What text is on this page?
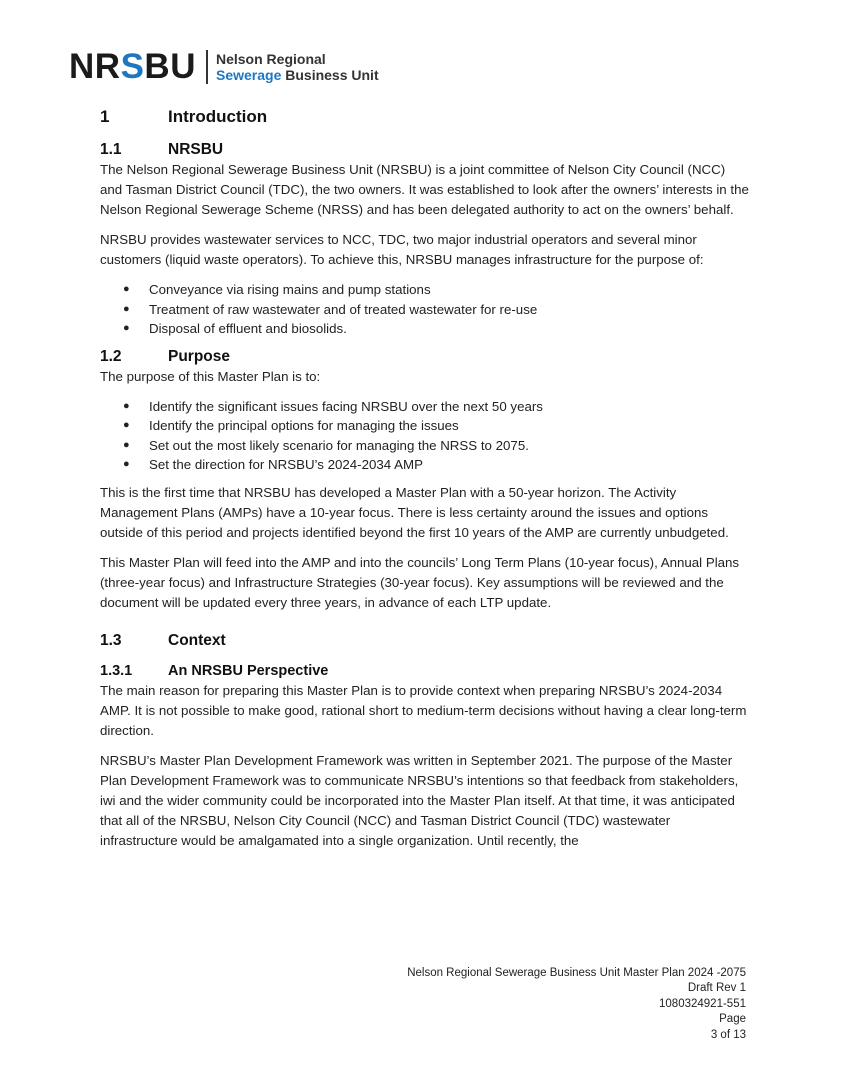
NRSBU Nelson Regional
Sewerage Business Unit
1	Introduction
1.1	NRSBU

The Nelson Regional Sewerage Business Unit (NRSBU) is a joint committee of Nelson City Council (NCC) and Tasman District Council (TDC), the two owners. It was established to look after the owners’ interests in the Nelson Regional Sewerage Scheme (NRSS) and has been delegated authority to act on the owners’ behalf.

NRSBU provides wastewater services to NCC, TDC, two major industrial operators and several minor customers (liquid waste operators). To achieve this, NRSBU manages infrastructure for the purpose of:

● Conveyance via rising mains and pump stations
● Treatment of raw wastewater and of treated wastewater for re-use
● Disposal of effluent and biosolids.
1.2	Purpose

The purpose of this Master Plan is to:

● Identify the significant issues facing NRSBU over the next 50 years
● Identify the principal options for managing the issues
● Set out the most likely scenario for managing the NRSS to 2075.
● Set the direction for NRSBU’s 2024-2034 AMP

This is the first time that NRSBU has developed a Master Plan with a 50-year horizon. The Activity Management Plans (AMPs) have a 10-year focus. There is less certainty around the issues and options outside of this period and projects identified beyond the first 10 years of the AMP are currently unbudgeted.

This Master Plan will feed into the AMP and into the councils’ Long Term Plans (10-year focus), Annual Plans (three-year focus) and Infrastructure Strategies (30-year focus). Key assumptions will be reviewed and the document will be updated every three years, in advance of each LTP update.

1.3	Context
1.3.1	An NRSBU Perspective

The main reason for preparing this Master Plan is to provide context when preparing NRSBU’s 2024-2034 AMP. It is not possible to make good, rational short to medium-term decisions without having a clear long-term direction.

NRSBU’s Master Plan Development Framework was written in September 2021. The purpose of the Master Plan Development Framework was to communicate NRSBU’s intentions so that feedback from stakeholders, iwi and the wider community could be incorporated into the Master Plan itself. At that time, it was anticipated that all of the NRSBU, Nelson City Council (NCC) and Tasman District Council (TDC) wastewater infrastructure would be amalgamated into a single organization. Until recently, the

Nelson Regional Sewerage Business Unit Master Plan 2024 -2075
Draft Rev 1
1080324921-551
Page
3 of 13
